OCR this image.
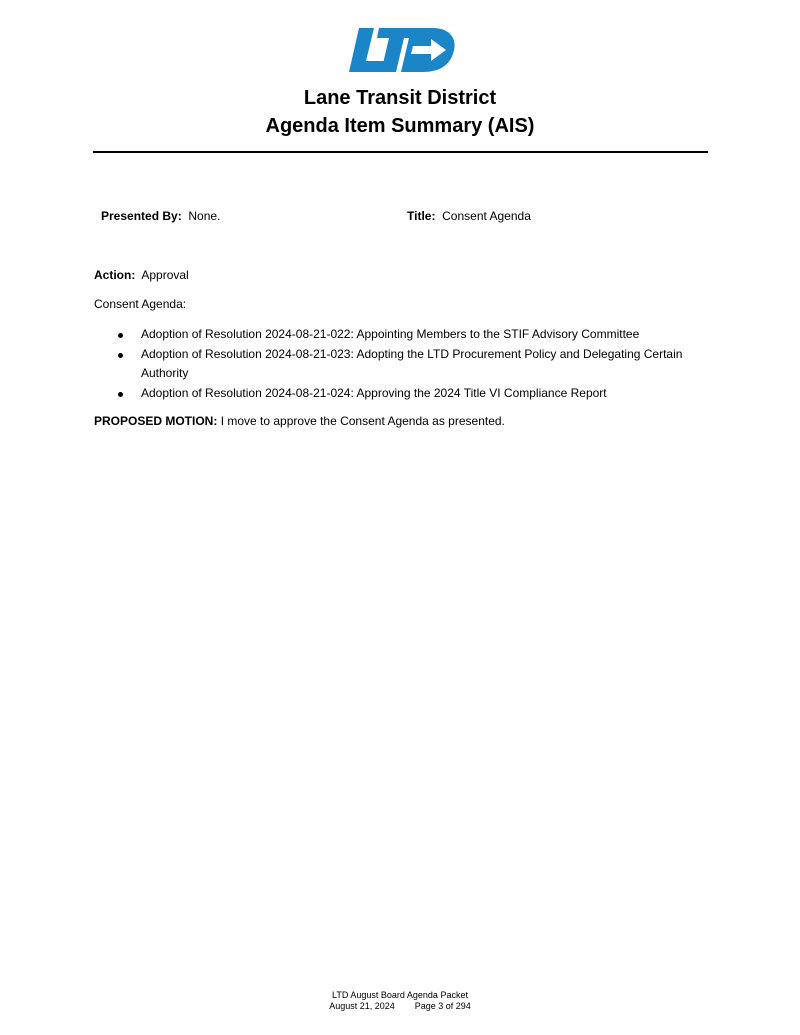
Lane Transit District
Agenda Item Summary (AIS)
Presented By: None.	Title: Consent Agenda
Action: Approval
Consent Agenda:
Adoption of Resolution 2024-08-21-022: Appointing Members to the STIF Advisory Committee
Adoption of Resolution 2024-08-21-023: Adopting the LTD Procurement Policy and Delegating Certain Authority
Adoption of Resolution 2024-08-21-024: Approving the 2024 Title VI Compliance Report
PROPOSED MOTION: I move to approve the Consent Agenda as presented.
LTD August Board Agenda Packet
August 21, 2024 Page 3 of 294
